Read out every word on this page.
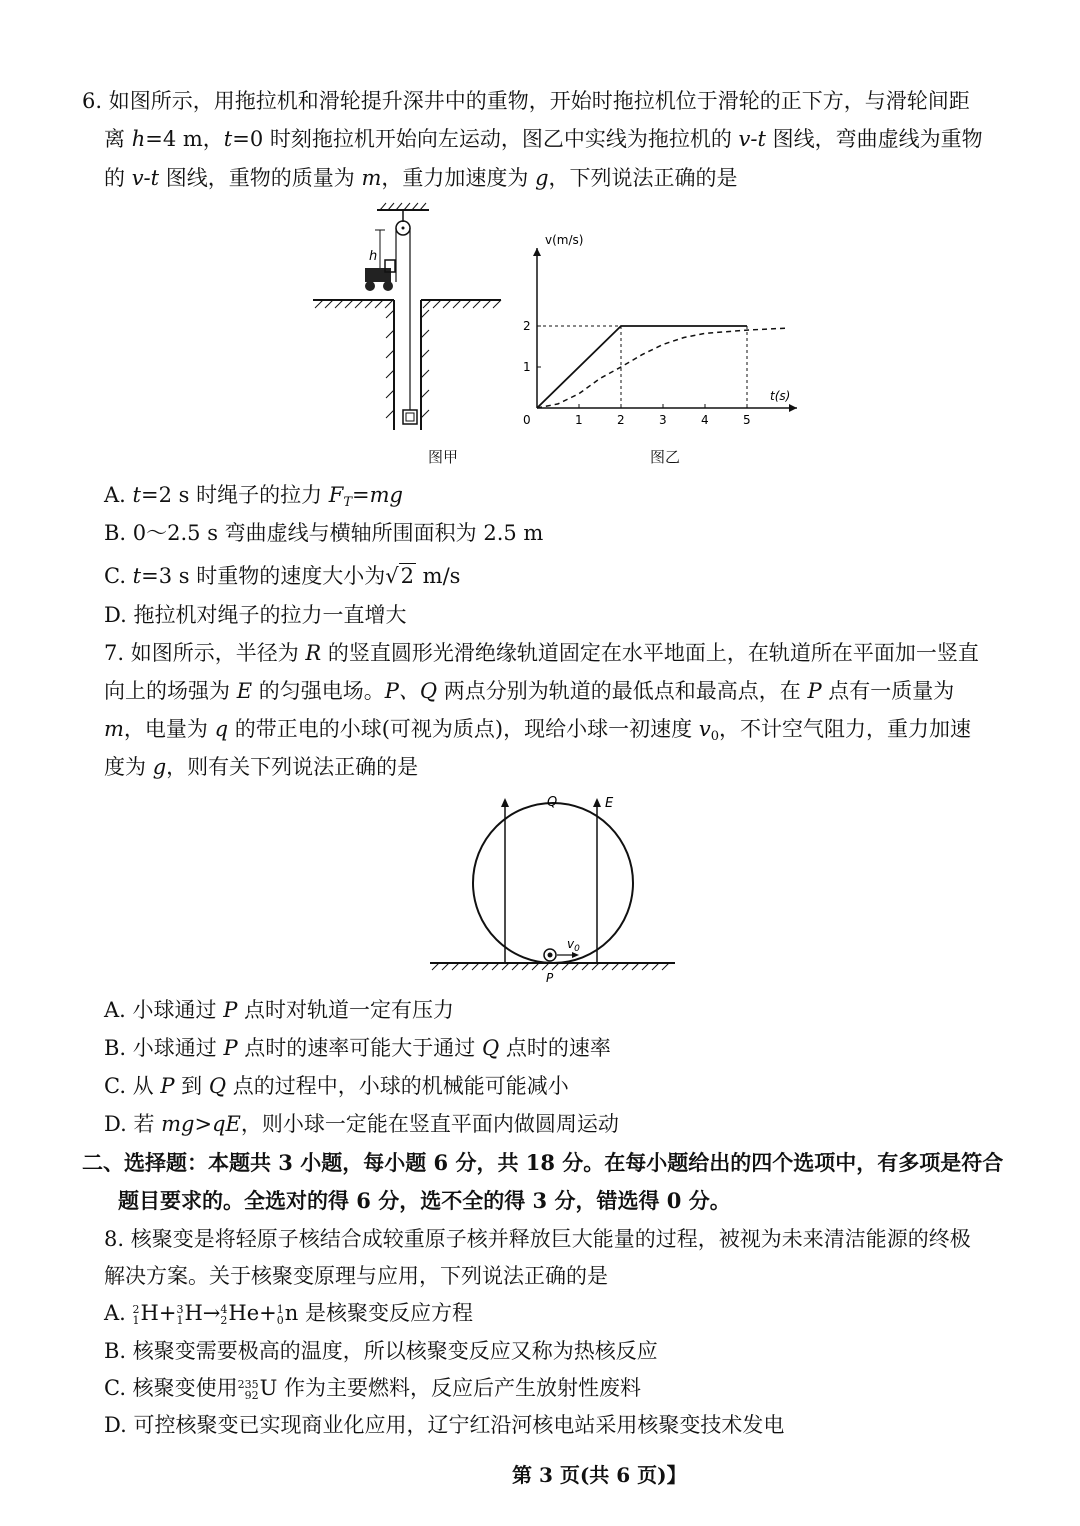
6. 如图所示，用拖拉机和滑轮提升深井中的重物，开始时拖拉机位于滑轮的正下方，与滑轮间距
离 h=4 m，t=0 时刻拖拉机开始向左运动，图乙中实线为拖拉机的 v-t 图线，弯曲虚线为重物
的 v-t 图线，重物的质量为 m，重力加速度为 g，下列说法正确的是
h
图甲
v(m/s)
t(s)
0	1	2	3	4	5
1
2
图乙
A. t=2 s 时绳子的拉力 $F_T=mg$
B. 0～2.5 s 弯曲虚线与横轴所围面积为 2.5 m
C. t=3 s 时重物的速度大小为√2 m/s
D. 拖拉机对绳子的拉力一直增大
7. 如图所示，半径为 R 的竖直圆形光滑绝缘轨道固定在水平地面上，在轨道所在平面加一竖直
向上的场强为 E 的匀强电场。P、Q 两点分别为轨道的最低点和最高点，在 P 点有一质量为
m，电量为 q 的带正电的小球(可视为质点)，现给小球一初速度 $v_0$，不计空气阻力，重力加速
度为 g，则有关下列说法正确的是
Q	E
$v_0$
P
A. 小球通过 P 点时对轨道一定有压力
B. 小球通过 P 点时的速率可能大于通过 Q 点时的速率
C. 从 P 到 Q 点的过程中，小球的机械能可能减小
D. 若 mg>qE，则小球一定能在竖直平面内做圆周运动
二、选择题：本题共 3 小题，每小题 6 分，共 18 分。在每小题给出的四个选项中，有多项是符合
题目要求的。全选对的得 6 分，选不全的得 3 分，错选得 0 分。
8. 核聚变是将轻原子核结合成较重原子核并释放巨大能量的过程，被视为未来清洁能源的终极
解决方案。关于核聚变原理与应用，下列说法正确的是
A. 2
1 H+ 3
1 H→ 4
2 He+ 1
0 n 是核聚变反应方程
B. 核聚变需要极高的温度，所以核聚变反应又称为热核反应
C. 核聚变使用 235
92 U 作为主要燃料，反应后产生放射性废料
D. 可控核聚变已实现商业化应用，辽宁红沿河核电站采用核聚变技术发电
第 3 页(共 6 页)】
